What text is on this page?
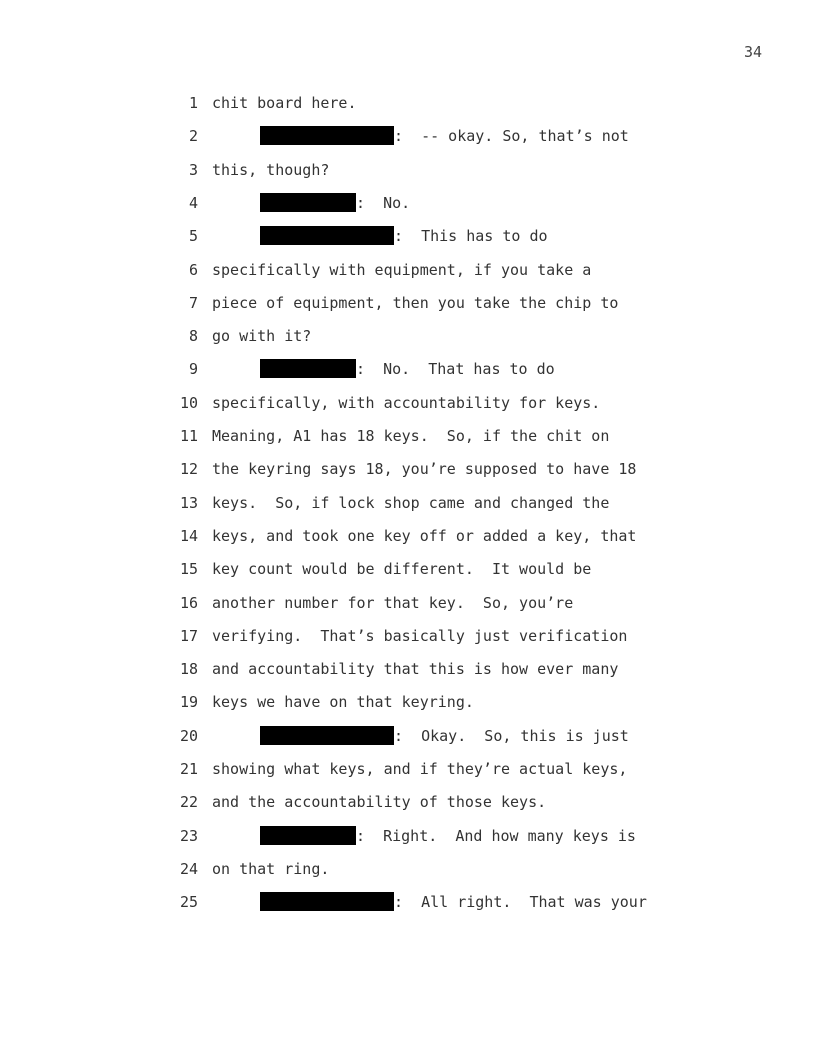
34
1 chit board here.
2	:  -- okay. So, that’s not
3 this, though?
4	:  No.
5	:  This has to do
6 specifically with equipment, if you take a
7 piece of equipment, then you take the chip to
8 go with it?
9	:  No.  That has to do
10 specifically, with accountability for keys.
11 Meaning, A1 has 18 keys.  So, if the chit on
12 the keyring says 18, you’re supposed to have 18
13 keys.  So, if lock shop came and changed the
14 keys, and took one key off or added a key, that
15 key count would be different.  It would be
16 another number for that key.  So, you’re
17 verifying.  That’s basically just verification
18 and accountability that this is how ever many
19 keys we have on that keyring.
20	:  Okay.  So, this is just
21 showing what keys, and if they’re actual keys,
22 and the accountability of those keys.
23	:  Right.  And how many keys is
24 on that ring.
25	:  All right.  That was your
